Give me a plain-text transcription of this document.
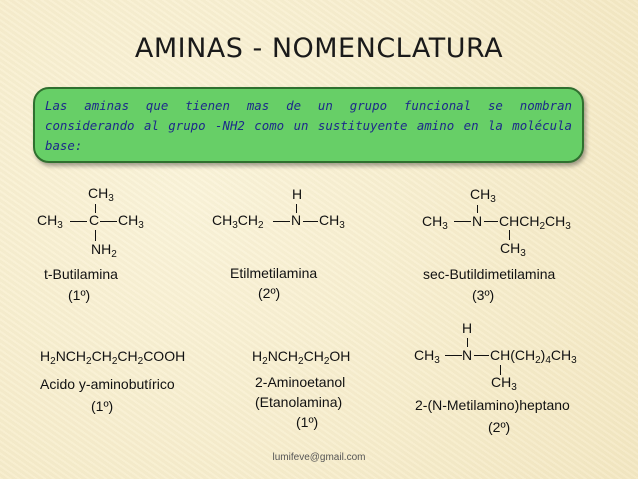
AMINAS - NOMENCLATURA

Las aminas que tienen mas de un grupo funcional se nombran considerando al grupo -NH2 como un sustituyente amino en la molécula base:

$CH_3$
$CH_3$ C $CH_3$
$NH_2$
t-Butilamina
(1º)
H
$CH_3CH_2$ N $CH_3$
Etilmetilamina
(2º)
$CH_3$
$CH_3$ N $CHCH_2CH_3$
$CH_3$
sec-Butildimetilamina
(3º)
$H_2NCH_2CH_2CH_2COOH$
Acido y-aminobutírico
(1º)
$H_2NCH_2CH_2OH$
2-Aminoetanol
(Etanolamina)
(1º)
H
$CH_3$ N $CH(CH_2)_4CH_3$
$CH_3$
2-(N-Metilamino)heptano
(2º)
lumifeve@gmail.com
